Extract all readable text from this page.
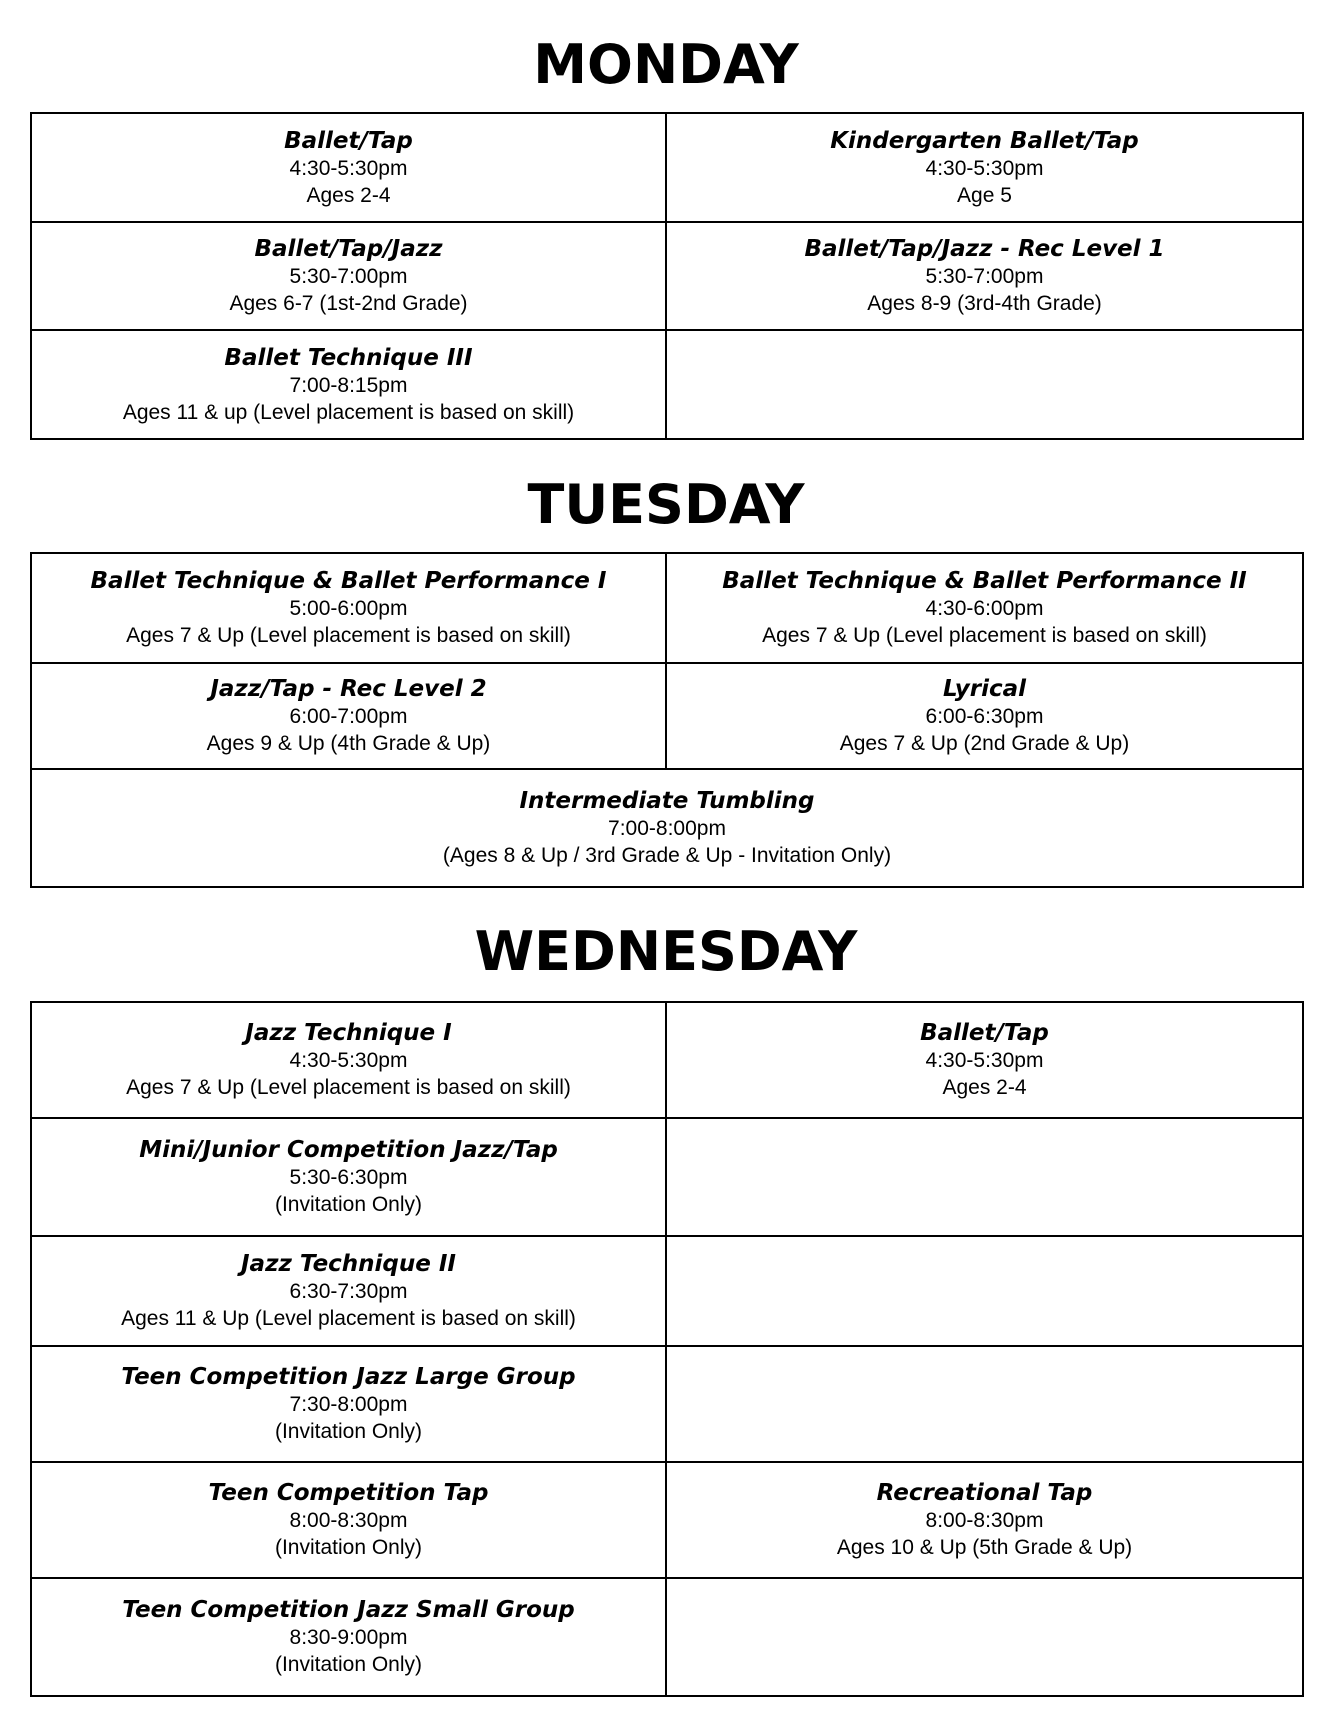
MONDAY
Ballet/Tap
4:30-5:30pm
Ages 2-4
Kindergarten Ballet/Tap
4:30-5:30pm
Age 5
Ballet/Tap/Jazz
5:30-7:00pm
Ages 6-7 (1st-2nd Grade)
Ballet/Tap/Jazz - Rec Level 1
5:30-7:00pm
Ages 8-9 (3rd-4th Grade)
Ballet Technique III
7:00-8:15pm
Ages 11 & up (Level placement is based on skill)
TUESDAY
Ballet Technique & Ballet Performance I
5:00-6:00pm
Ages 7 & Up (Level placement is based on skill)
Ballet Technique & Ballet Performance II
4:30-6:00pm
Ages 7 & Up (Level placement is based on skill)
Jazz/Tap - Rec Level 2
6:00-7:00pm
Ages 9 & Up (4th Grade & Up)
Lyrical
6:00-6:30pm
Ages 7 & Up (2nd Grade & Up)
Intermediate Tumbling
7:00-8:00pm
(Ages 8 & Up / 3rd Grade & Up - Invitation Only)
WEDNESDAY
Jazz Technique I
4:30-5:30pm
Ages 7 & Up (Level placement is based on skill)
Ballet/Tap
4:30-5:30pm
Ages 2-4
Mini/Junior Competition Jazz/Tap
5:30-6:30pm
(Invitation Only)
Jazz Technique II
6:30-7:30pm
Ages 11 & Up (Level placement is based on skill)
Teen Competition Jazz Large Group
7:30-8:00pm
(Invitation Only)
Teen Competition Tap
8:00-8:30pm
(Invitation Only)
Recreational Tap
8:00-8:30pm
Ages 10 & Up (5th Grade & Up)
Teen Competition Jazz Small Group
8:30-9:00pm
(Invitation Only)
